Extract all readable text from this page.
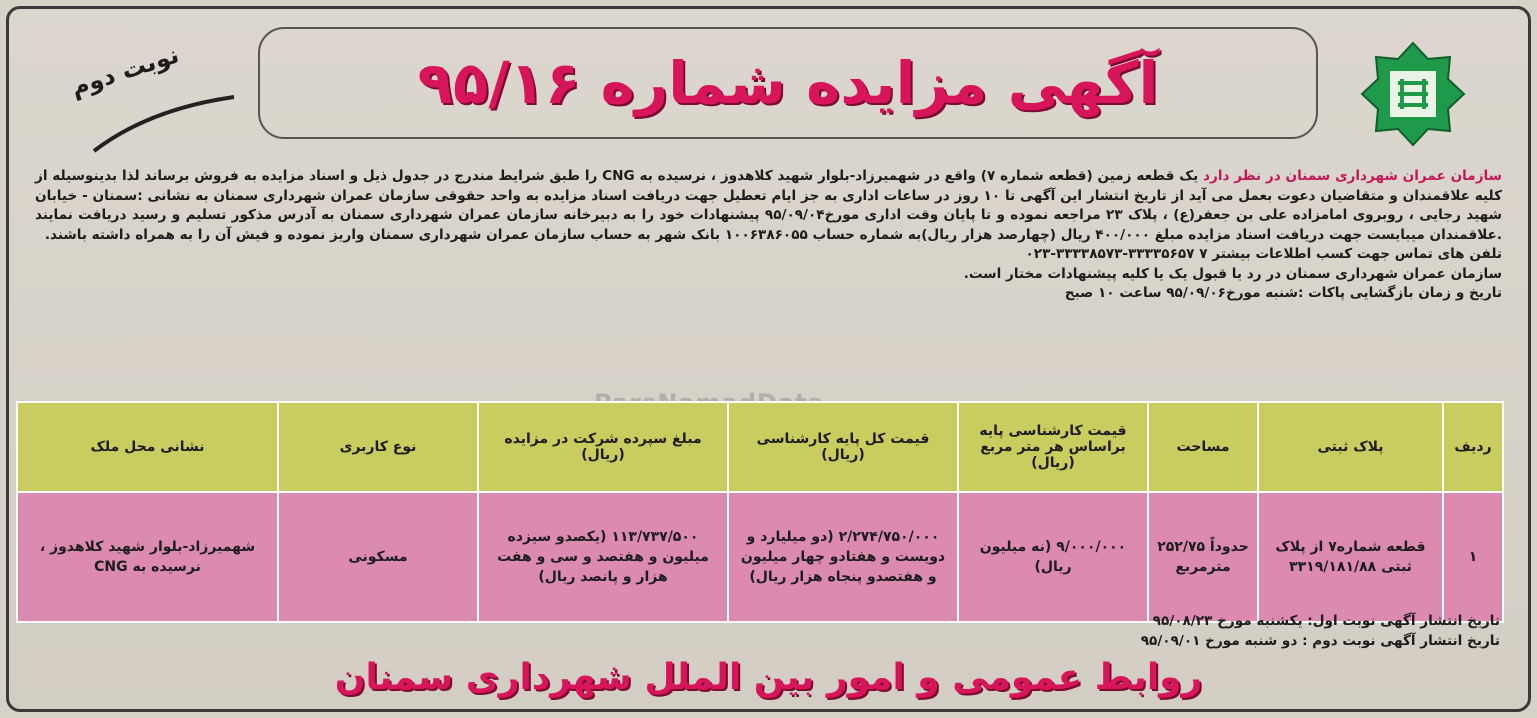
آگهی مزایده شماره ۹۵/۱۶
نوبت دوم

سازمان عمران شهرداری سمنان در نظر دارد یک قطعه زمین (قطعه شماره ۷) واقع در شهمیرزاد-بلوار شهید کلاهدوز ، نرسیده به CNG را طبق شرایط مندرج در جدول ذیل و اسناد مزایده به فروش برساند لذا بدینوسیله از کلیه علاقمندان و متقاضیان دعوت بعمل می آید از تاریخ انتشار این آگهی تا ۱۰ روز در ساعات اداری به جز ایام تعطیل جهت دریافت اسناد مزایده به واحد حقوقی سازمان عمران شهرداری سمنان به نشانی :سمنان - خیابان شهید رجایی ، روبروی امامزاده علی بن جعفر(ع) ، پلاک ۲۳ مراجعه نموده و تا پایان وقت اداری مورخ۹۵/۰۹/۰۴ پیشنهادات خود را به دبیرخانه سازمان عمران شهرداری سمنان به آدرس مذکور تسلیم و رسید دریافت نمایند .علاقمندان میبایست جهت دریافت اسناد مزایده مبلغ ۴۰۰/۰۰۰ ریال (چهارصد هزار ریال)به شماره حساب ۱۰۰۶۳۸۶۰۵۵ بانک شهر به حساب سازمان عمران شهرداری سمنان واریز نموده و فیش آن را به همراه داشته باشند.

تلفن های تماس جهت کسب اطلاعات بیشتر ۷ ۳۳۳۳۵۶۵۷-۳۳۳۳۸۵۷۳-۰۲۳

سازمان عمران شهرداری سمنان در رد یا قبول یک یا کلیه پیشنهادات مختار است.

تاریخ و زمان بازگشایی پاکات :شنبه مورخ۹۵/۰۹/۰۶ ساعت ۱۰ صبح

ردیف	پلاک ثبتی	مساحت	قیمت کارشناسی پایه براساس هر متر مربع (ریال)	قیمت کل پایه کارشناسی (ریال)	مبلغ سپرده شرکت در مزایده (ریال)	نوع کاربری	نشانی محل ملک
۱	قطعه شماره۷ از پلاک ثبتی ۳۳۱۹/۱۸۱/۸۸	حدوداً ۲۵۲/۷۵ مترمربع	۹/۰۰۰/۰۰۰ (نه میلیون ریال)	۲/۲۷۴/۷۵۰/۰۰۰ (دو میلیارد و دویست و هفتادو چهار میلیون و هفتصدو پنجاه هزار ریال)	۱۱۳/۷۳۷/۵۰۰ (یکصدو سیزده میلیون و هفتصد و سی و هفت هزار و پانصد ریال)	مسکونی	شهمیرزاد-بلوار شهید کلاهدوز ، نرسیده به CNG
تاریخ انتشار آگهی نوبت اول: یکشنبه مورخ ۹۵/۰۸/۲۳
تاریخ انتشار آگهی نوبت دوم : دو شنبه مورخ ۹۵/۰۹/۰۱
روابط عمومی و امور بین الملل شهرداری سمنان
